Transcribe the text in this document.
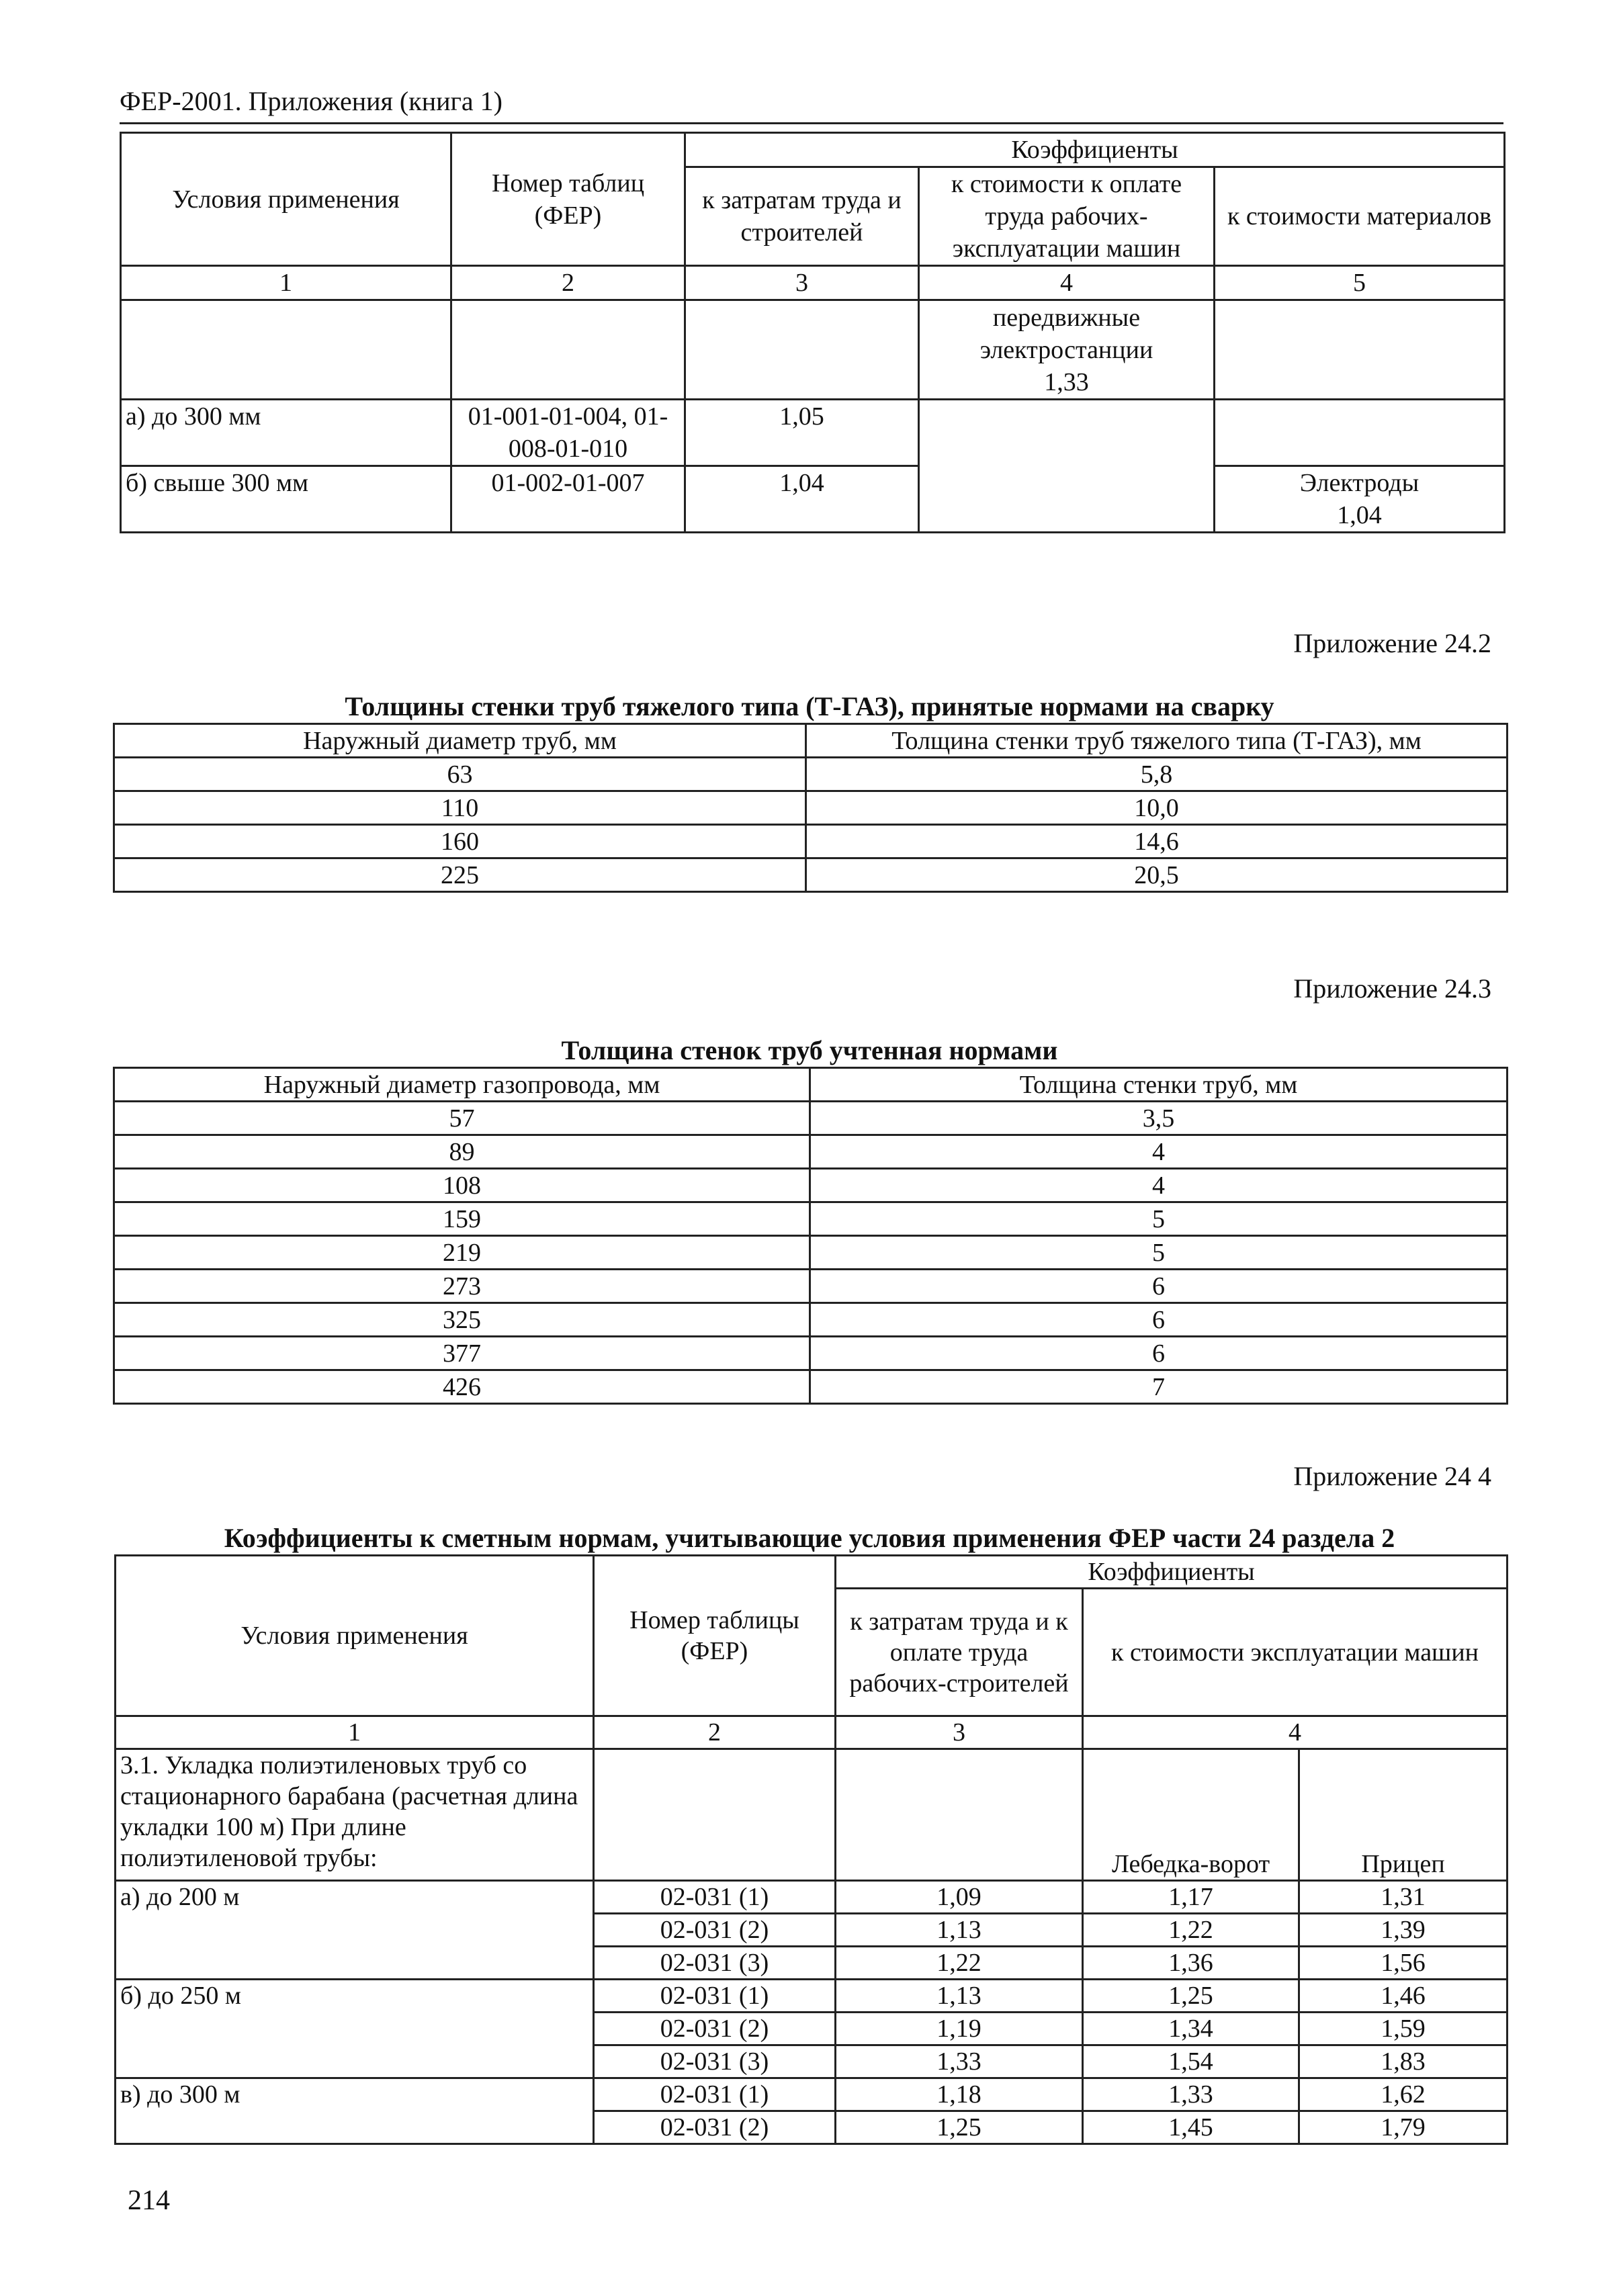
ФЕР-2001. Приложения (книга 1)
Условия применения	Номер таблиц (ФЕР)	Коэффициенты		
		к затратам труда и строителей	к стоимости к оплате труда рабочих-эксплуатации машин	к стоимости материалов
1	2	3	4	5

			передвижные электростанции
1,33	

а) до 300 мм	01-001-01-004, 01-008-01-010	1,05		
б) свыше 300 мм	01-002-01-007	1,04		Электроды
1,04
Приложение 24.2
Толщины стенки труб тяжелого типа (Т-ГАЗ), принятые нормами на сварку
Наружный диаметр труб, мм	Толщина стенки труб тяжелого типа (Т-ГАЗ), мм
63	5,8
110	10,0
160	14,6
225	20,5
Приложение 24.3
Толщина стенок труб учтенная нормами
Наружный диаметр газопровода, мм	Толщина стенки труб, мм
57	3,5
89	4
108	4
159	5
219	5
273	6
325	6
377	6
426	7
Приложение 24 4
Коэффициенты к сметным нормам, учитывающие условия применения ФЕР части 24 раздела 2
Условия применения	Номер таблицы (ФЕР)	Коэффициенты		
		к затратам труда и к оплате труда рабочих-строителей	к стоимости эксплуатации машин	
1	2	3	4	
3.1. Укладка полиэтиленовых труб со стационарного барабана (расчетная длина укладки 100 м) При длине полиэтиленовой трубы:			Лебедка-ворот	Прицеп
а) до 200 м	02-031 (1)	1,09	1,17	1,31
	02-031 (2)	1,13	1,22	1,39
	02-031 (3)	1,22	1,36	1,56
б) до 250 м	02-031 (1)	1,13	1,25	1,46
	02-031 (2)	1,19	1,34	1,59
	02-031 (3)	1,33	1,54	1,83
в) до 300 м	02-031 (1)	1,18	1,33	1,62
	02-031 (2)	1,25	1,45	1,79
214
